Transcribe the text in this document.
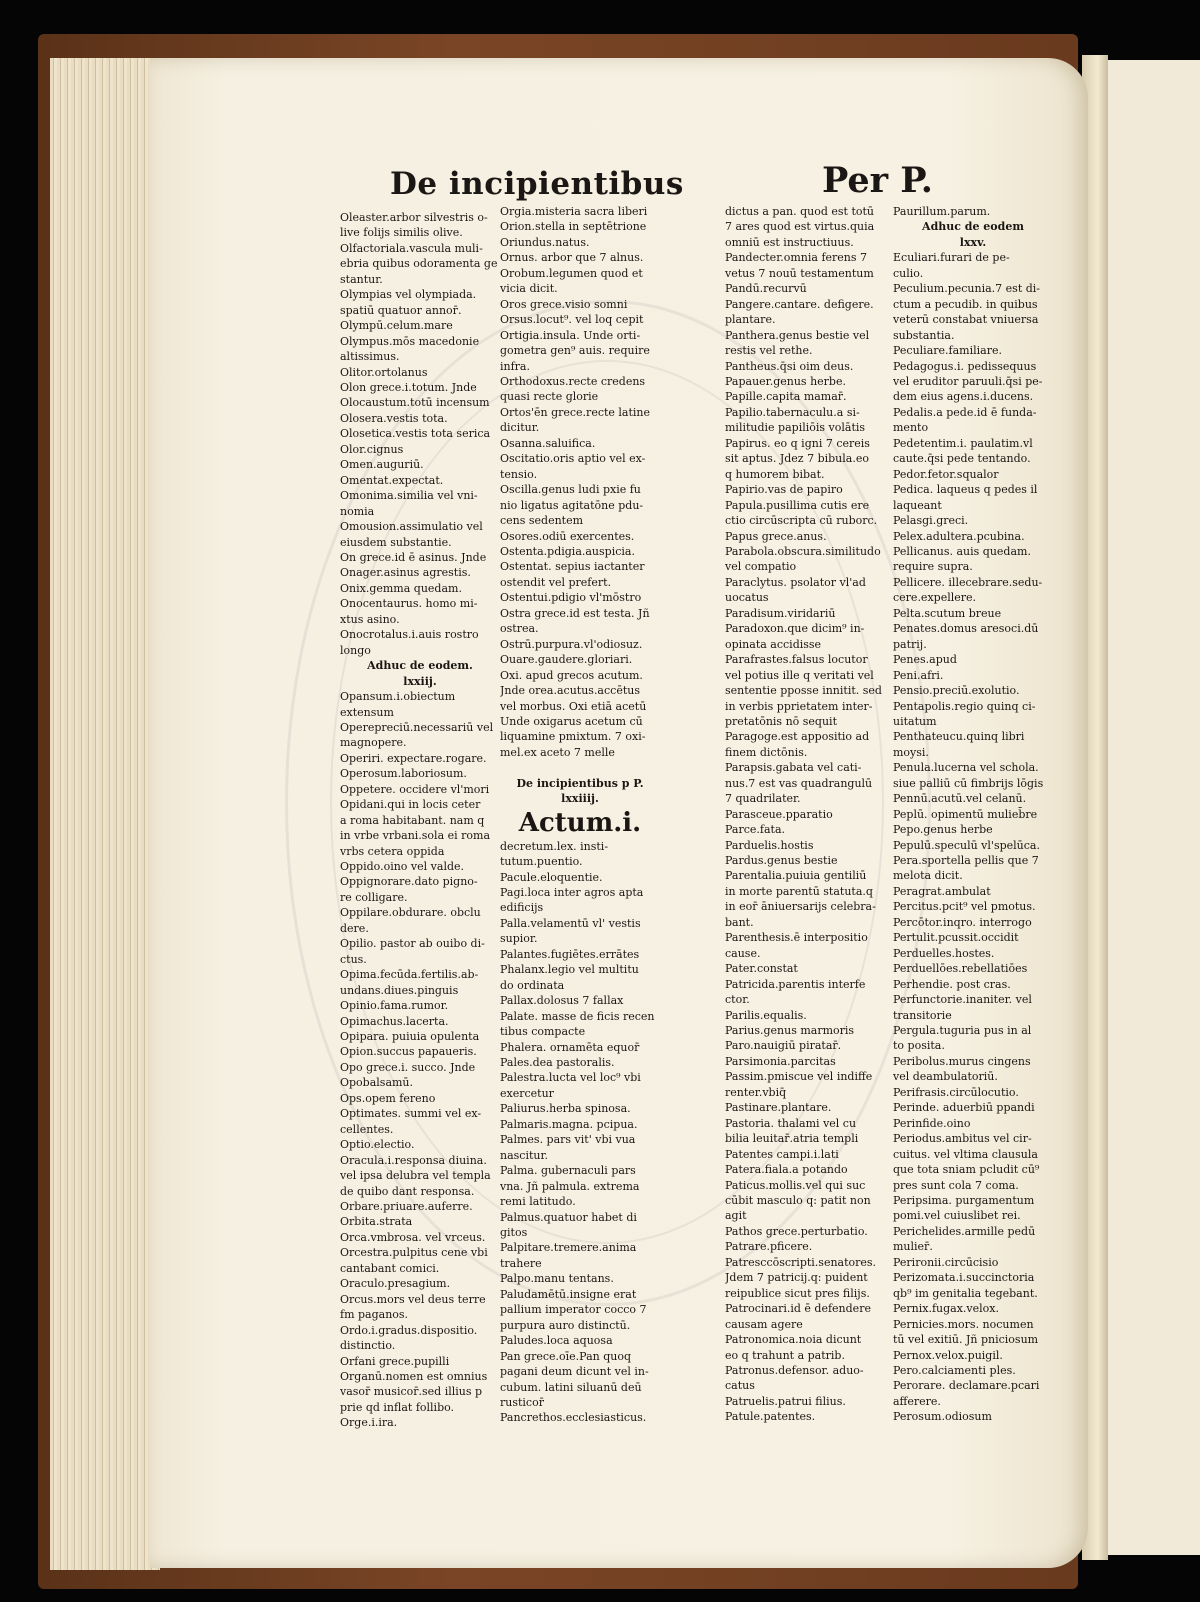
De incipientibus	Per P.

Oleaster.arbor silvestris o-

live folijs similis olive.

Olfactoriala.vascula muli-

ebria quibus odoramenta ge

stantur.

Olympias vel olympiada.

spatiū quatuor annor̄.

Olympū.celum.mare

Olympus.mōs macedonie

altissimus.

Olitor.ortolanus

Olon grece.i.totum. Jnde

Olocaustum.totū incensum

Olosera.vestis tota.

Olosetica.vestis tota serica

Olor.cignus

Omen.auguriū.

Omentat.expectat.

Omonima.similia vel vni-

nomia

Omousion.assimulatio vel

eiusdem substantie.

On grece.id ē asinus. Jnde

Onager.asinus agrestis.

Onix.gemma quedam.

Onocentaurus. homo mi-

xtus asino.

Onocrotalus.i.auis rostro

longo

Adhuc de eodem.

lxxiij.

Opansum.i.obiectum

extensum

Operepreciū.necessariū vel

magnopere.

Operiri. expectare.rogare.

Operosum.laboriosum.

Oppetere. occidere vl'mori

Opidani.qui in locis ceter

a roma habitabant. nam q

in vrbe vrbani.sola ei roma

vrbs cetera oppida

Oppido.oino vel valde.

Oppignorare.dato pigno-

re colligare.

Oppilare.obdurare. obclu

dere.

Opilio. pastor ab ouibo di-

ctus.

Opima.fecūda.fertilis.ab-

undans.diues.pinguis

Opinio.fama.rumor.

Opimachus.lacerta.

Opipara. puiuia opulenta

Opion.succus papaueris.

Opo grece.i. succo. Jnde

Opobalsamū.

Ops.opem fereno

Optimates. summi vel ex-

cellentes.

Optio.electio.

Oracula.i.responsa diuina.

vel ipsa delubra vel templa

de quibo dant responsa.

Orbare.priuare.auferre.

Orbita.strata

Orca.vmbrosa. vel vrceus.

Orcestra.pulpitus cene vbi

cantabant comici.

Oraculo.presagium.

Orcus.mors vel deus terre

fm paganos.

Ordo.i.gradus.dispositio.

distinctio.

Orfani grece.pupilli

Organū.nomen est omnius

vasor̄ musicor̄.sed illius p

prie qd inflat follibo.

Orge.i.ira.

Orgia.misteria sacra liberi

Orion.stella in septētrione

Oriundus.natus.

Ornus. arbor que 7 alnus.

Orobum.legumen quod et

vicia dicit.

Oros grece.visio somni

Orsus.locut⁹. vel loq cepit

Ortigia.insula. Unde orti-

gometra gen⁹ auis. require

infra.

Orthodoxus.recte credens

quasi recte glorie

Ortos'ēn grece.recte latine

dicitur.

Osanna.saluifica.

Oscitatio.oris aptio vel ex-

tensio.

Oscilla.genus ludi pxie fu

nio ligatus agitatōne pdu-

cens sedentem

Osores.odiū exercentes.

Ostenta.pdigia.auspicia.

Ostentat. sepius iactanter

ostendit vel prefert.

Ostentui.pdigio vl'mōstro

Ostra grece.id est testa. Jñ

ostrea.

Ostrū.purpura.vl'odiosuz.

Ouare.gaudere.gloriari.

Oxi. apud grecos acutum.

Jnde orea.acutus.accētus

vel morbus. Oxi etiā acetū

Unde oxigarus acetum cū

liquamine pmixtum. 7 oxi-

mel.ex aceto 7 melle

De incipientibus p P.

lxxiiij.

Actum.i.

decretum.lex. insti-

tutum.puentio.

Pacule.eloquentie.

Pagi.loca inter agros apta

edificijs

Palla.velamentū vl' vestis

supior.

Palantes.fugiētes.errātes

Phalanx.legio vel multitu

do ordinata

Pallax.dolosus 7 fallax

Palate. masse de ficis recen

tibus compacte

Phalera. ornamēta equor̄

Pales.dea pastoralis.

Palestra.lucta vel loc⁹ vbi

exercetur

Paliurus.herba spinosa.

Palmaris.magna. pcipua.

Palmes. pars vit' vbi vua

nascitur.

Palma. gubernaculi pars

vna. Jñ palmula. extrema

remi latitudo.

Palmus.quatuor habet di

gitos

Palpitare.tremere.anima

trahere

Palpo.manu tentans.

Paludamētū.insigne erat

pallium imperator coccο 7

purpura auro distinctū.

Paludes.loca aquosa

Pan grece.oīe.Pan quoq

pagani deum dicunt vel in-

cubum. latini siluanū deū

rusticor̄

Pancrethos.ecclesiasticus.

dictus a pan. quod est totū

7 ares quod est virtus.quia

omniū est instructiuus.

Pandecter.omnia ferens 7

vetus 7 nouū testamentum

Pandū.recurvū

Pangere.cantare. defigere.

plantare.

Panthera.genus bestie vel

restis vel rethe.

Pantheus.q̄si oim deus.

Papauer.genus herbe.

Papille.capita mamar̄.

Papilio.tabernaculu.a si-

militudie papiliōis volātis

Papirus. eo q igni 7 cereis

sit aptus. Jdez 7 bibula.eo

q humorem bibat.

Papirio.vas de papiro

Papula.pusillima cutis ere

ctio circūscripta cū ruborc.

Papus grece.anus.

Parabola.obscura.similitudo

vel compatio

Paraclytus. psolator vl'ad

uocatus

Paradisum.viridariū

Paradoxon.que dicim⁹ in-

opinata accidisse

Parafrastes.falsus locutor

vel potius ille q veritati vel

sententie pposse innitit. sed

in verbis pprietatem inter-

pretatōnis nō sequit

Paragoge.est appositio ad

finem dictōnis.

Parapsis.gabata vel cati-

nus.7 est vas quadrangulū

7 quadrilater.

Parasceue.pparatio

Parce.fata.

Parduelis.hostis

Pardus.genus bestie

Parentalia.puiuia gentiliū

in morte parentū statuta.q

in eor̄ āniuersarijs celebra-

bant.

Parenthesis.ē interpositio

cause.

Pater.constat

Patricida.parentis interfe

ctor.

Parilis.equalis.

Parius.genus marmoris

Paro.nauigiū piratar̄.

Parsimonia.parcitas

Passim.pmiscue vel indiffe

renter.vbiq̄

Pastinare.plantare.

Pastoria. thalami vel cu

bilia leuitar̄.atria templi

Patentes campi.i.lati

Patera.fiala.a potando

Paticus.mollis.vel qui suc

cūbit masculo q: patit non

agit

Pathos grece.perturbatio.

Patrare.pficere.

Patresccōscripti.senatores.

Jdem 7 patricij.q: puident

reipublice sicut pres filijs.

Patrocinari.id ē defendere

causam agere

Patronomica.noia dicunt

eo q trahunt a patrib.

Patronus.defensor. aduo-

catus

Patruelis.patrui filius.

Patule.patentes.

Paurillum.parum.

Adhuc de eodem

lxxv.

Eculiari.furari de pe-

culio.

Peculium.pecunia.7 est di-

ctum a pecudib. in quibus

veterū constabat vniuersa

substantia.

Peculiare.familiare.

Pedagogus.i. pedissequus

vel eruditor paruuli.q̄si pe-

dem eius agens.i.ducens.

Pedalis.a pede.id ē funda-

mento

Pedetentim.i. paulatim.vl

caute.q̄si pede tentando.

Pedor.fetor.squalor

Pedica. laqueus q pedes il

laqueant

Pelasgi.greci.

Pelex.adultera.pcubina.

Pellicanus. auis quedam.

require supra.

Pellicere. illecebrare.sedu-

cere.expellere.

Pelta.scutum breue

Penates.domus aresoci.dū

patrij.

Penes.apud

Peni.afri.

Pensio.preciū.exolutio.

Pentapolis.regio quinq ci-

uitatum

Penthateucu.quinq libri

moysi.

Penula.lucerna vel schola.

siue palliū cū fimbrijs lōgis

Pennū.acutū.vel celanū.

Peplū. opimentū mulieb̄re

Pepo.genus herbe

Pepulū.speculū vl'spelūca.

Pera.sportella pellis que 7

melota dicit.

Peragrat.ambulat

Percitus.pcit⁹ vel pmotus.

Percōtor.inqro. interrogo

Pertulit.pcussit.occidit

Perduelles.hostes.

Perduellōes.rebellatiōes

Perhendie. post cras.

Perfunctorie.inaniter. vel

transitorie

Pergula.tuguria pus in al

to posita.

Peribolus.murus cingens

vel deambulatoriū.

Perifrasis.circūlocutio.

Perinde. aduerbiū ppandi

Perinfide.oino

Periodus.ambitus vel cir-

cuitus. vel vltima clausula

que tota sniam pcludit cū⁹

pres sunt cola 7 coma.

Peripsima. purgamentum

pomi.vel cuiuslibet rei.

Perichelides.armille pedū

mulier̄.

Perironii.circūcisio

Perizomata.i.succinctoria

qb⁹ im genitalia tegebant.

Pernix.fugax.velox.

Pernicies.mors. nocumen

tū vel exitiū. Jñ pniciosum

Pernox.velox.puigil.

Pero.calciamenti ples.

Perorare. declamare.pcari

afferere.

Perosum.odiosum
